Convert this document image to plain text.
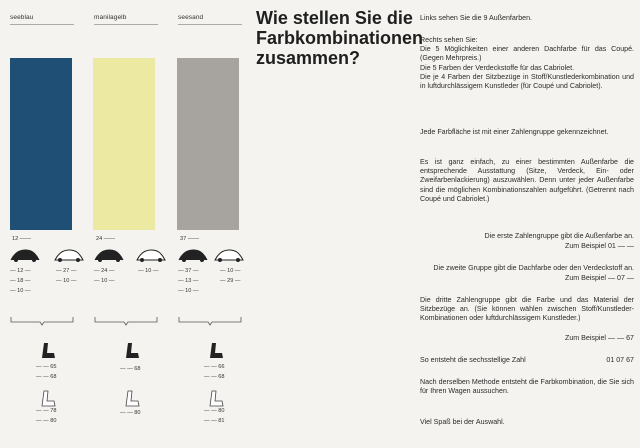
seeblau
12 ——
— 12 —
— 18 —
— 10 —
— 27 —
— 10 —
— — 65
— — 68
— — 78
— — 80
manilagelb
24 ——
— 24 —
— 10 —
— 10 —
— — 68
— — 80
seesand
37 ——
— 37 —
— 13 —
— 10 —
— 10 —
— 29 —
— — 66
— — 68
— — 80
— — 81
Wie stellen Sie die Farbkombinationen zusammen?
Links sehen Sie die 9 Außenfarben.
Rechts sehen Sie:
Die 5 Möglichkeiten einer anderen Dachfarbe für das Coupé. (Gegen Mehrpreis.)
Die 5 Farben der Verdeckstoffe für das Cabriolet.
Die je 4 Farben der Sitzbezüge in Stoff/Kunstlederkombination und in luftdurchlässigem Kunstleder (für Coupé und Cabriolet).
Jede Farbfläche ist mit einer Zahlengruppe gekennzeichnet.
Es ist ganz einfach, zu einer bestimmten Außenfarbe die entsprechende Ausstattung (Sitze, Verdeck, Ein- oder Zweifarbenlackierung) auszuwählen. Denn unter jeder Außenfarbe sind die möglichen Kombinationszahlen aufgeführt. (Getrennt nach Coupé und Cabriolet.)
Die erste Zahlengruppe gibt die Außenfarbe an.
Zum Beispiel 01 — —
Die zweite Gruppe gibt die Dachfarbe oder den Verdeckstoff an.
Zum Beispiel — 07 —
Die dritte Zahlengruppe gibt die Farbe und das Material der Sitzbezüge an. (Sie können wählen zwischen Stoff/Kunstleder-Kombinationen oder luftdurchlässigem Kunstleder.)
Zum Beispiel — — 67
So entsteht die sechsstellige Zahl	01 07 67
Nach derselben Methode entsteht die Farbkombination, die Sie sich für Ihren Wagen aussuchen.
Viel Spaß bei der Auswahl.
